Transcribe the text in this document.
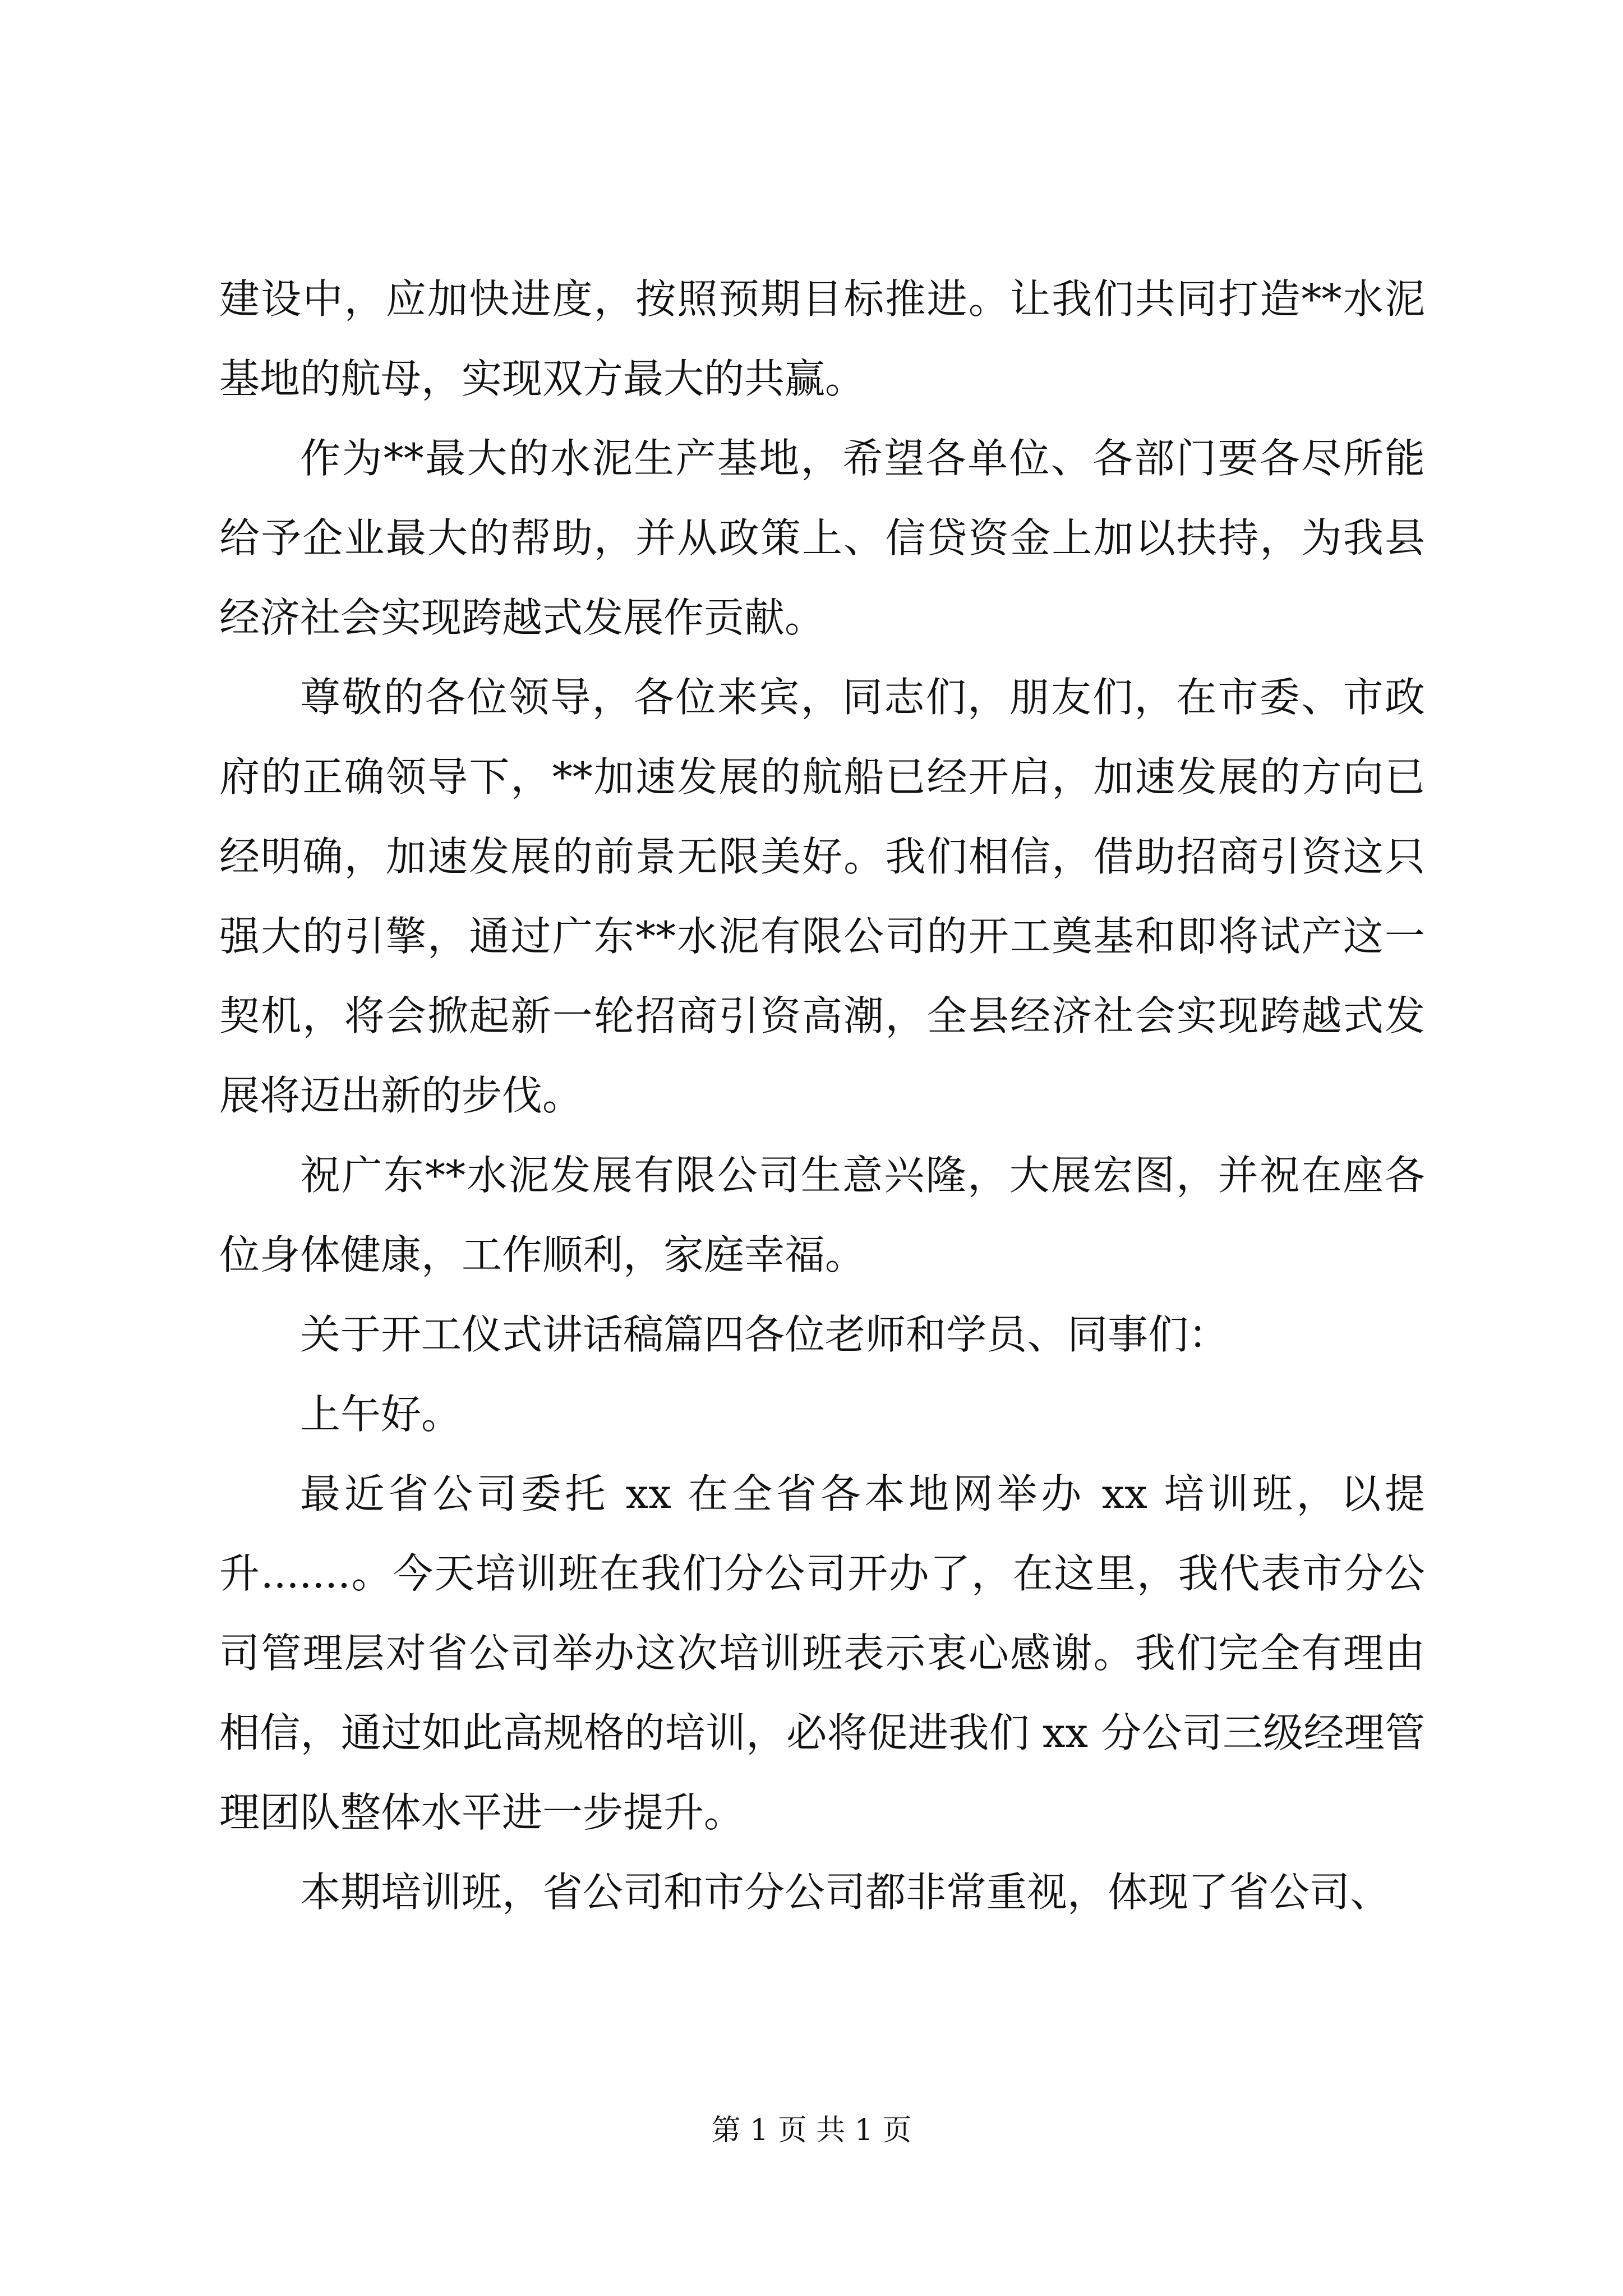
建设中，应加快进度，按照预期目标推进。让我们共同打造**水泥基地的航母，实现双方最大的共赢。

作为**最大的水泥生产基地，希望各单位、各部门要各尽所能给予企业最大的帮助，并从政策上、信贷资金上加以扶持，为我县经济社会实现跨越式发展作贡献。

尊敬的各位领导，各位来宾，同志们，朋友们，在市委、市政府的正确领导下，**加速发展的航船已经开启，加速发展的方向已经明确，加速发展的前景无限美好。我们相信，借助招商引资这只强大的引擎，通过广东**水泥有限公司的开工奠基和即将试产这一契机，将会掀起新一轮招商引资高潮，全县经济社会实现跨越式发展将迈出新的步伐。

祝广东**水泥发展有限公司生意兴隆，大展宏图，并祝在座各位身体健康，工作顺利，家庭幸福。

关于开工仪式讲话稿篇四各位老师和学员、同事们：

上午好。

最近省公司委托 xx 在全省各本地网举办 xx 培训班，以提升.......。今天培训班在我们分公司开办了，在这里，我代表市分公司管理层对省公司举办这次培训班表示衷心感谢。我们完全有理由相信，通过如此高规格的培训，必将促进我们 xx 分公司三级经理管理团队整体水平进一步提升。

本期培训班，省公司和市分公司都非常重视，体现了省公司、

第 1 页 共 1 页
